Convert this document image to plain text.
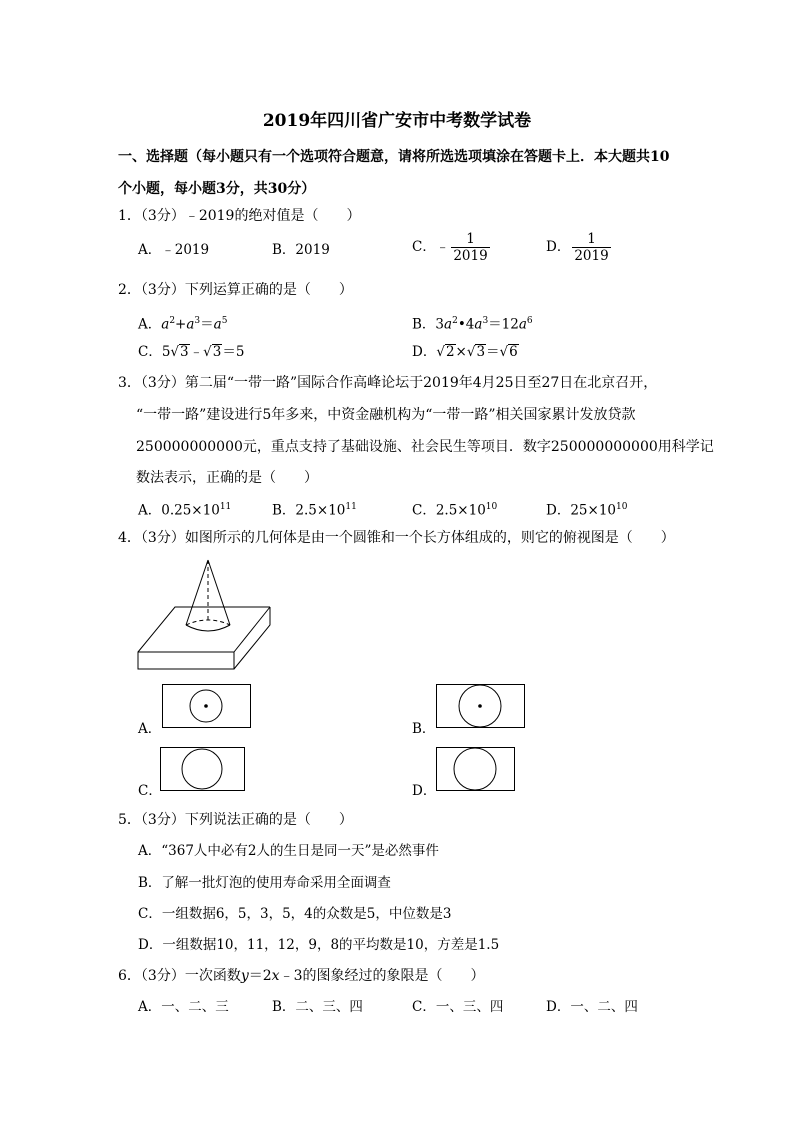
2019年四川省广安市中考数学试卷
一、选择题（每小题只有一个选项符合题意，请将所选选项填涂在答题卡上．本大题共10
个小题，每小题3分，共30分）
1．（3分）﹣2019的绝对值是（　　）
A．﹣2019	B．2019	C．﹣ $\frac{1}{2019}$	D． $\frac{1}{2019}$
2．（3分）下列运算正确的是（　　）
A．$a^2+a^3=a^5$	B．$3a^2•4a^3=12a^6$
C．5√3﹣√3＝5	D．√2×√3＝√6
3．（3分）第二届“一带一路”国际合作高峰论坛于2019年4月25日至27日在北京召开，
“一带一路”建设进行5年多来，中资金融机构为“一带一路”相关国家累计发放贷款
250000000000元，重点支持了基础设施、社会民生等项目．数字250000000000用科学记
数法表示，正确的是（　　）
A．$0.25\times 10^{11}$	B．$2.5\times 10^{11}$	C．$2.5\times 10^{10}$	D．$25\times 10^{10}$
4．（3分）如图所示的几何体是由一个圆锥和一个长方体组成的，则它的俯视图是（　　）
A．	B．
C．	D．
5．（3分）下列说法正确的是（　　）
A．“367人中必有2人的生日是同一天”是必然事件
B．了解一批灯泡的使用寿命采用全面调查
C．一组数据6，5，3，5，4的众数是5，中位数是3
D．一组数据10，11，12，9，8的平均数是10，方差是1.5
6．（3分）一次函数y＝2x﹣3的图象经过的象限是（　　）
A．一、二、三	B．二、三、四	C．一、三、四	D．一、二、四
